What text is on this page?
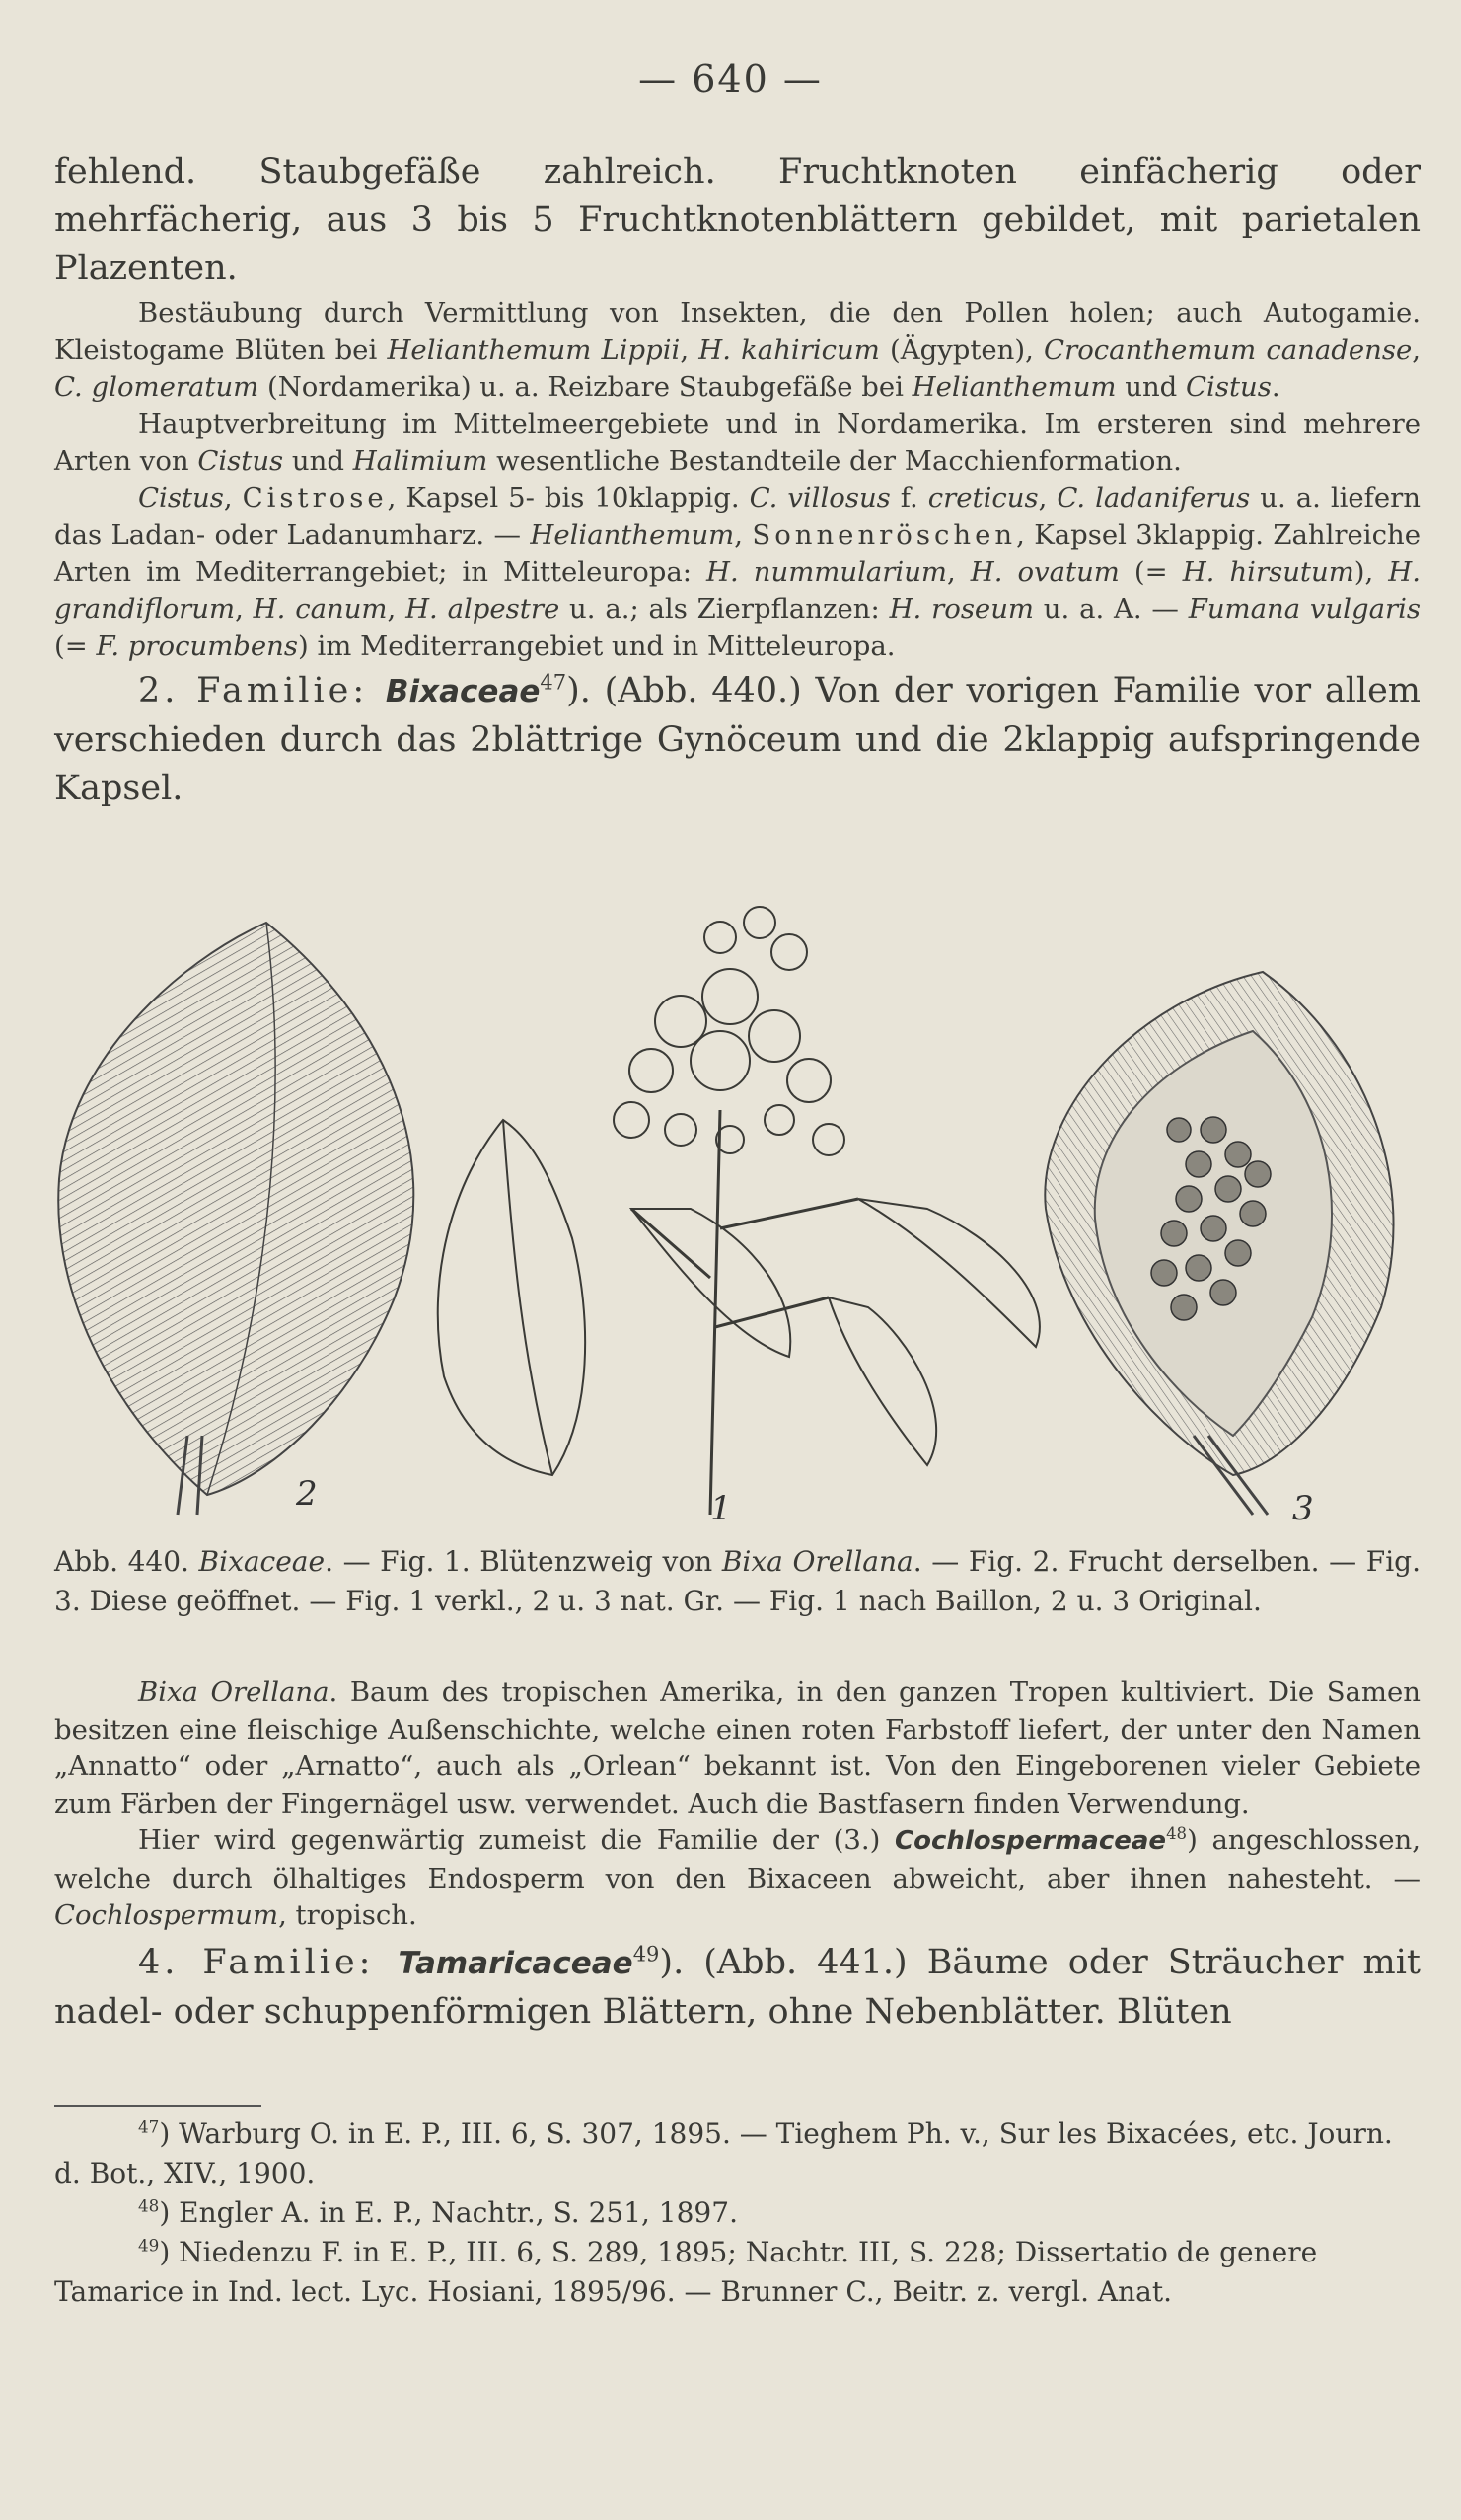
— 640 —

fehlend. Staubgefäße zahlreich. Fruchtknoten einfächerig oder mehrfächerig, aus 3 bis 5 Fruchtknotenblättern gebildet, mit parietalen Plazenten.

Bestäubung durch Vermittlung von Insekten, die den Pollen holen; auch Autogamie. Kleistogame Blüten bei Helianthemum Lippii, H. kahiricum (Ägypten), Crocanthemum canadense, C. glomeratum (Nordamerika) u. a. Reizbare Staubgefäße bei Helianthemum und Cistus.

Hauptverbreitung im Mittelmeergebiete und in Nordamerika. Im ersteren sind mehrere Arten von Cistus und Halimium wesentliche Bestandteile der Macchienformation.

Cistus, Cistrose, Kapsel 5- bis 10klappig. C. villosus f. creticus, C. ladaniferus u. a. liefern das Ladan- oder Ladanumharz. — Helianthemum, Sonnenröschen, Kapsel 3klappig. Zahlreiche Arten im Mediterrangebiet; in Mitteleuropa: H. nummularium, H. ovatum (= H. hirsutum), H. grandiflorum, H. canum, H. alpestre u. a.; als Zierpflanzen: H. roseum u. a. A. — Fumana vulgaris (= F. procumbens) im Mediterrangebiet und in Mitteleuropa.

2. Familie: Bixaceae$^{47}$). (Abb. 440.) Von der vorigen Familie vor allem verschieden durch das 2blättrige Gynöceum und die 2klappig aufspringende Kapsel.

2	1	3
Abb. 440. Bixaceae. — Fig. 1. Blütenzweig von Bixa Orellana. — Fig. 2. Frucht derselben. — Fig. 3. Diese geöffnet. — Fig. 1 verkl., 2 u. 3 nat. Gr. — Fig. 1 nach Baillon, 2 u. 3 Original.

Bixa Orellana. Baum des tropischen Amerika, in den ganzen Tropen kultiviert. Die Samen besitzen eine fleischige Außenschichte, welche einen roten Farbstoff liefert, der unter den Namen „Annatto“ oder „Arnatto“, auch als „Orlean“ bekannt ist. Von den Eingeborenen vieler Gebiete zum Färben der Fingernägel usw. verwendet. Auch die Bastfasern finden Verwendung.

Hier wird gegenwärtig zumeist die Familie der (3.) Cochlospermaceae$^{48}$) angeschlossen, welche durch ölhaltiges Endosperm von den Bixaceen abweicht, aber ihnen nahesteht. — Cochlospermum, tropisch.

4. Familie: Tamaricaceae$^{49}$). (Abb. 441.) Bäume oder Sträucher mit nadel- oder schuppenförmigen Blättern, ohne Nebenblätter. Blüten

$^{47}$) Warburg O. in E. P., III. 6, S. 307, 1895. — Tieghem Ph. v., Sur les Bixacées, etc. Journ. d. Bot., XIV., 1900.

$^{48}$) Engler A. in E. P., Nachtr., S. 251, 1897.

$^{49}$) Niedenzu F. in E. P., III. 6, S. 289, 1895; Nachtr. III, S. 228; Dissertatio de genere Tamarice in Ind. lect. Lyc. Hosiani, 1895/96. — Brunner C., Beitr. z. vergl. Anat.
